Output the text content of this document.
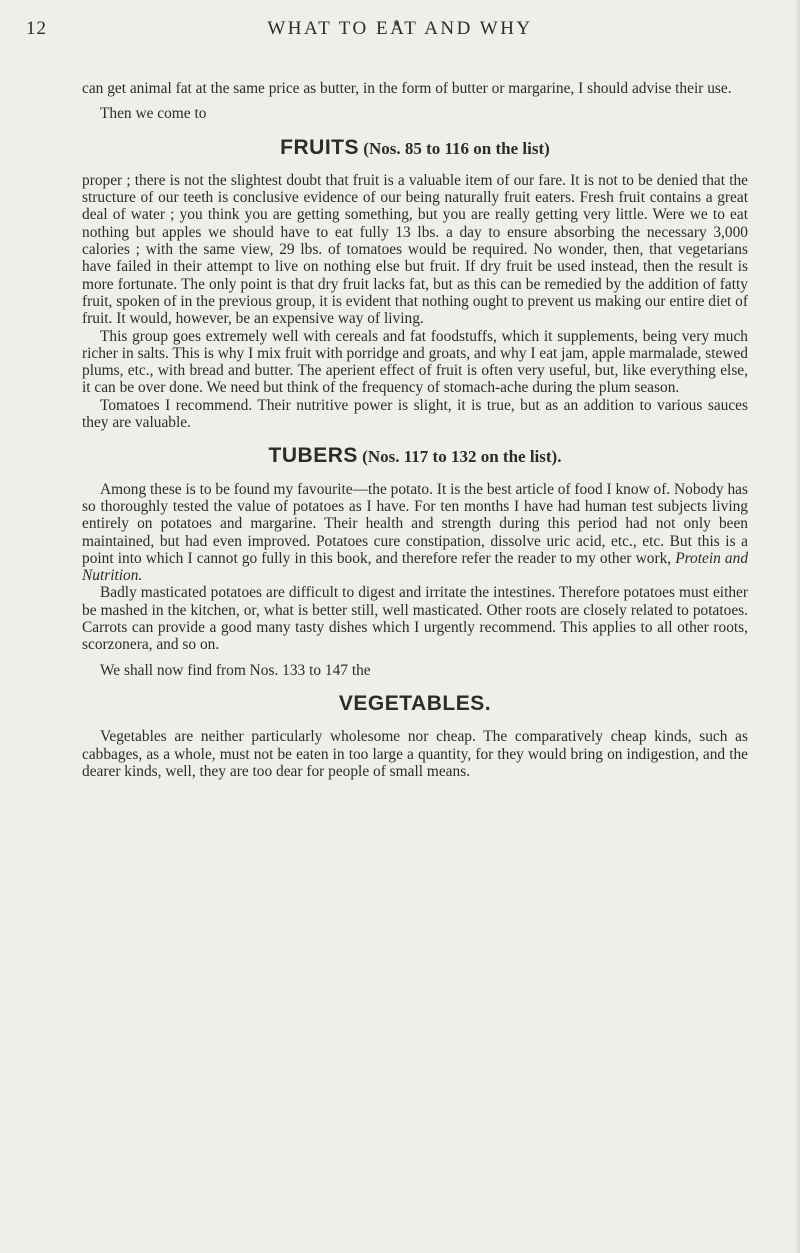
12	WHAT TO EAT AND WHY

can get animal fat at the same price as butter, in the form of butter or margarine, I should advise their use.

Then we come to

FRUITS (Nos. 85 to 116 on the list)

proper ; there is not the slightest doubt that fruit is a valuable item of our fare. It is not to be denied that the structure of our teeth is conclusive evidence of our being naturally fruit eaters. Fresh fruit contains a great deal of water ; you think you are getting something, but you are really getting very little. Were we to eat nothing but apples we should have to eat fully 13 lbs. a day to ensure absorbing the necessary 3,000 calories ; with the same view, 29 lbs. of tomatoes would be required. No wonder, then, that vegetarians have failed in their attempt to live on nothing else but fruit. If dry fruit be used instead, then the result is more fortunate. The only point is that dry fruit lacks fat, but as this can be remedied by the addition of fatty fruit, spoken of in the previous group, it is evident that nothing ought to prevent us making our entire diet of fruit. It would, however, be an expensive way of living.

This group goes extremely well with cereals and fat foodstuffs, which it supplements, being very much richer in salts. This is why I mix fruit with porridge and groats, and why I eat jam, apple marmalade, stewed plums, etc., with bread and butter. The aperient effect of fruit is often very useful, but, like everything else, it can be over done. We need but think of the frequency of stomach-ache during the plum season.

Tomatoes I recommend. Their nutritive power is slight, it is true, but as an addition to various sauces they are valuable.

TUBERS (Nos. 117 to 132 on the list).

Among these is to be found my favourite—the potato. It is the best article of food I know of. Nobody has so thoroughly tested the value of potatoes as I have. For ten months I have had human test subjects living entirely on potatoes and margarine. Their health and strength during this period had not only been maintained, but had even improved. Potatoes cure constipation, dissolve uric acid, etc., etc. But this is a point into which I cannot go fully in this book, and therefore refer the reader to my other work, Protein and Nutrition.

Badly masticated potatoes are difficult to digest and irritate the intestines. Therefore potatoes must either be mashed in the kitchen, or, what is better still, well masticated. Other roots are closely related to potatoes. Carrots can provide a good many tasty dishes which I urgently recommend. This applies to all other roots, scorzonera, and so on.

We shall now find from Nos. 133 to 147 the

VEGETABLES.

Vegetables are neither particularly wholesome nor cheap. The comparatively cheap kinds, such as cabbages, as a whole, must not be eaten in too large a quantity, for they would bring on indigestion, and the dearer kinds, well, they are too dear for people of small means.
